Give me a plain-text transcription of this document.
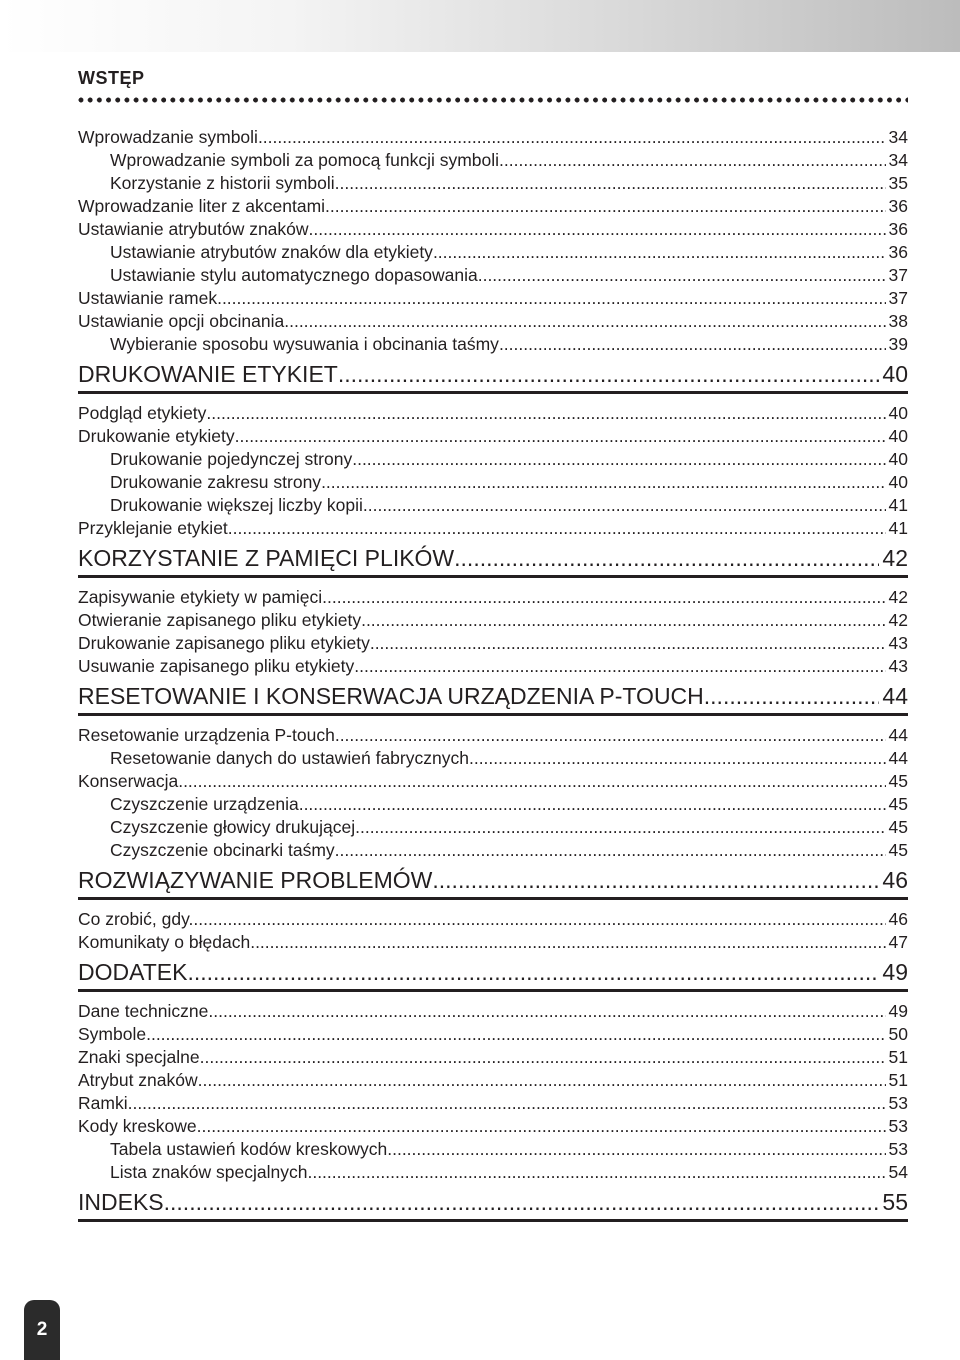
WSTĘP
Wprowadzanie symboli .....	34
Wprowadzanie symboli za pomocą funkcji symboli .....	34
Korzystanie z historii symboli .....	35
Wprowadzanie liter z akcentami .....	36
Ustawianie atrybutów znaków .....	36
Ustawianie atrybutów znaków dla etykiety .....	36
Ustawianie stylu automatycznego dopasowania .....	37
Ustawianie ramek .....	37
Ustawianie opcji obcinania .....	38
Wybieranie sposobu wysuwania i obcinania taśmy .....	39
DRUKOWANIE ETYKIET .....	40
Podgląd etykiety .....	40
Drukowanie etykiety .....	40
Drukowanie pojedynczej strony .....	40
Drukowanie zakresu strony .....	40
Drukowanie większej liczby kopii .....	41
Przyklejanie etykiet .....	41
KORZYSTANIE Z PAMIĘCI PLIKÓW .....	42
Zapisywanie etykiety w pamięci .....	42
Otwieranie zapisanego pliku etykiety .....	42
Drukowanie zapisanego pliku etykiety .....	43
Usuwanie zapisanego pliku etykiety .....	43
RESETOWANIE I KONSERWACJA URZĄDZENIA P-TOUCH .....	44
Resetowanie urządzenia P-touch .....	44
Resetowanie danych do ustawień fabrycznych .....	44
Konserwacja .....	45
Czyszczenie urządzenia .....	45
Czyszczenie głowicy drukującej .....	45
Czyszczenie obcinarki taśmy .....	45
ROZWIĄZYWANIE PROBLEMÓW .....	46
Co zrobić, gdy... .....	46
Komunikaty o błędach .....	47
DODATEK .....	49
Dane techniczne .....	49
Symbole .....	50
Znaki specjalne .....	51
Atrybut znaków .....	51
Ramki .....	53
Kody kreskowe .....	53
Tabela ustawień kodów kreskowych .....	53
Lista znaków specjalnych .....	54
INDEKS .....	55
2
